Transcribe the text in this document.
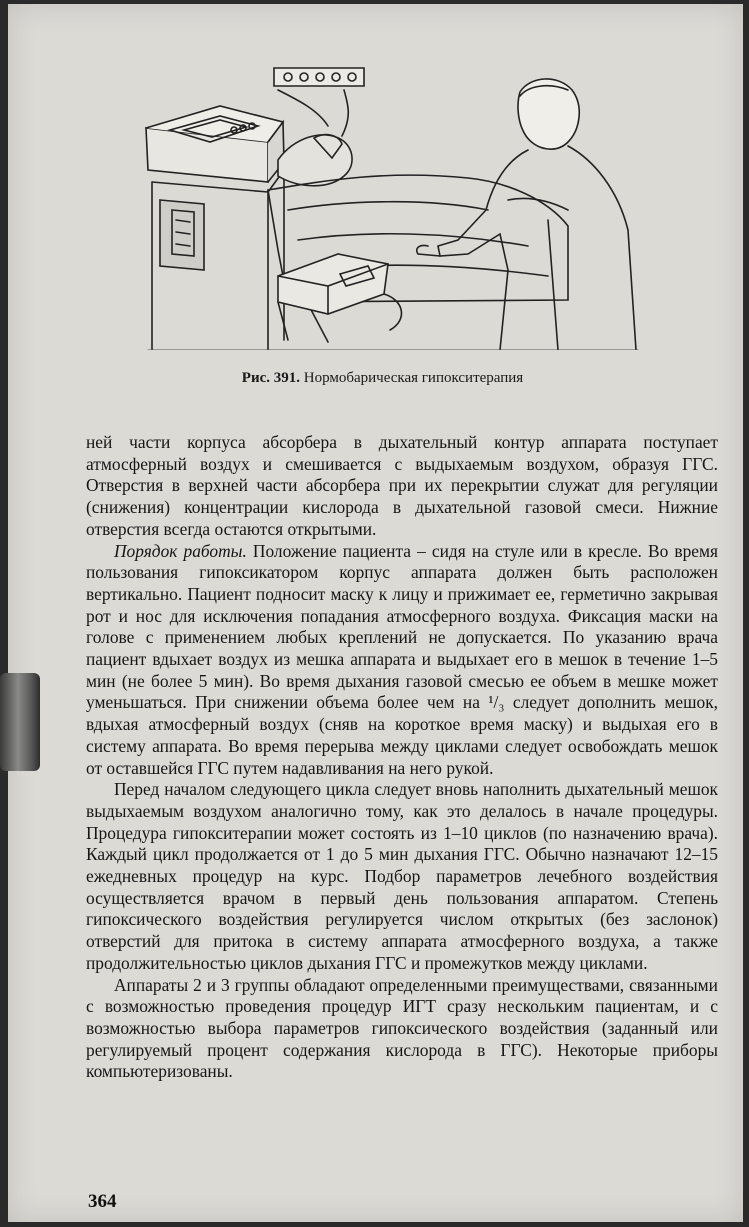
Рис. 391. Нормобарическая гипокситерапия

ней части корпуса абсорбера в дыхательный контур аппарата поступает атмосферный воздух и смешивается с выдыхаемым воздухом, образуя ГГС. Отверстия в верхней части абсорбера при их перекрытии служат для регуляции (снижения) концентрации кислорода в дыхательной газовой смеси. Нижние отверстия всегда остаются открытыми.

Порядок работы. Положение пациента – сидя на стуле или в кресле. Во время пользования гипоксикатором корпус аппарата должен быть расположен вертикально. Пациент подносит маску к лицу и прижимает ее, герметично закрывая рот и нос для исключения попадания атмосферного воздуха. Фиксация маски на голове с применением любых креплений не допускается. По указанию врача пациент вдыхает воздух из мешка аппарата и выдыхает его в мешок в течение 1–5 мин (не более 5 мин). Во время дыхания газовой смесью ее объем в мешке может уменьшаться. При снижении объема более чем на ¹/₃ следует дополнить мешок, вдыхая атмосферный воздух (сняв на короткое время маску) и выдыхая его в систему аппарата. Во время перерыва между циклами следует освобождать мешок от оставшейся ГГС путем надавливания на него рукой.

Перед началом следующего цикла следует вновь наполнить дыхательный мешок выдыхаемым воздухом аналогично тому, как это делалось в начале процедуры. Процедура гипокситерапии может состоять из 1–10 циклов (по назначению врача). Каждый цикл продолжается от 1 до 5 мин дыхания ГГС. Обычно назначают 12–15 ежедневных процедур на курс. Подбор параметров лечебного воздействия осуществляется врачом в первый день пользования аппаратом. Степень гипоксического воздействия регулируется числом открытых (без заслонок) отверстий для притока в систему аппарата атмосферного воздуха, а также продолжительностью циклов дыхания ГГС и промежутков между циклами.

Аппараты 2 и 3 группы обладают определенными преимуществами, связанными с возможностью проведения процедур ИГТ сразу нескольким пациентам, и с возможностью выбора параметров гипоксического воздействия (заданный или регулируемый процент содержания кислорода в ГГС). Некоторые приборы компьютеризованы.

364
